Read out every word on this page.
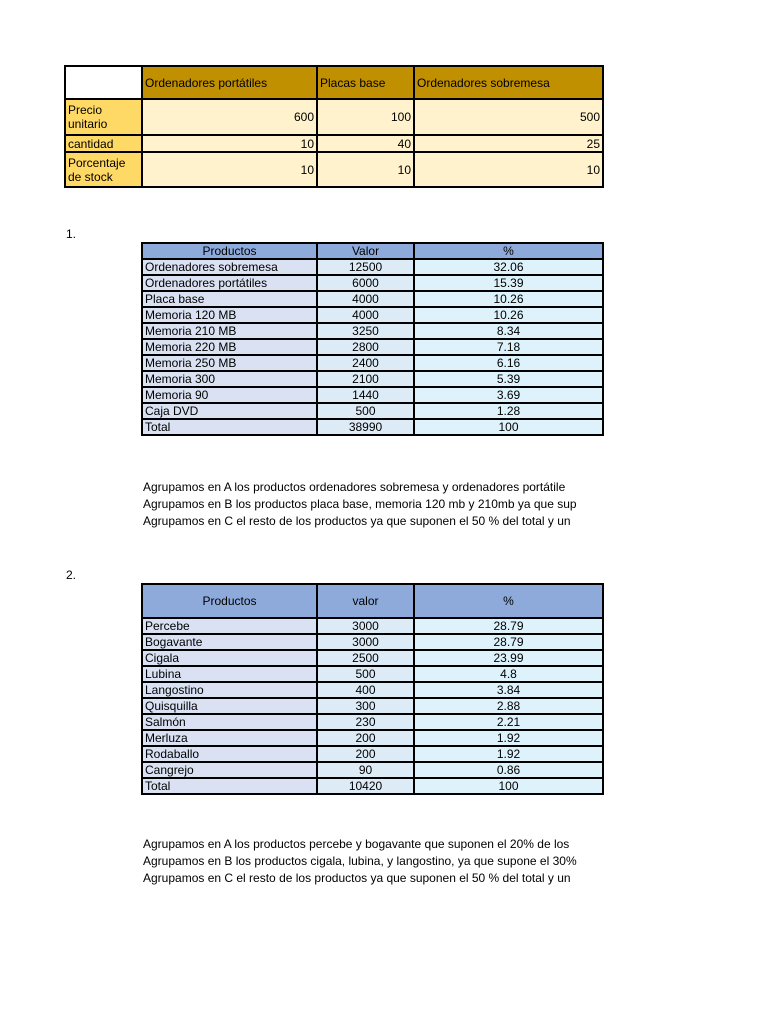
	Ordenadores portátiles	Placas base	Ordenadores sobremesa
Precio unitario	600	100	500
cantidad	10	40	25
Porcentaje de stock	10	10	10
1.
Productos	Valor	%
Ordenadores sobremesa	12500	32.06
Ordenadores portátiles	6000	15.39
Placa base	4000	10.26
Memoria 120 MB	4000	10.26
Memoria 210 MB	3250	8.34
Memoria 220 MB	2800	7.18
Memoria 250 MB	2400	6.16
Memoria 300	2100	5.39
Memoria 90	1440	3.69
Caja DVD	500	1.28
Total	38990	100
Agrupamos en A los productos ordenadores sobremesa y ordenadores portátile
Agrupamos en B los productos placa base, memoria 120 mb y 210mb ya que sup
Agrupamos en C el resto de los productos ya que suponen el 50 % del total y un
2.
Productos	valor	%
Percebe	3000	28.79
Bogavante	3000	28.79
Cigala	2500	23.99
Lubina	500	4.8
Langostino	400	3.84
Quisquilla	300	2.88
Salmón	230	2.21
Merluza	200	1.92
Rodaballo	200	1.92
Cangrejo	90	0.86
Total	10420	100
Agrupamos en A los productos percebe y bogavante que suponen el 20% de los
Agrupamos en B los productos cigala, lubina, y langostino, ya que supone el 30%
Agrupamos en C el resto de los productos ya que suponen el 50 % del total y un
